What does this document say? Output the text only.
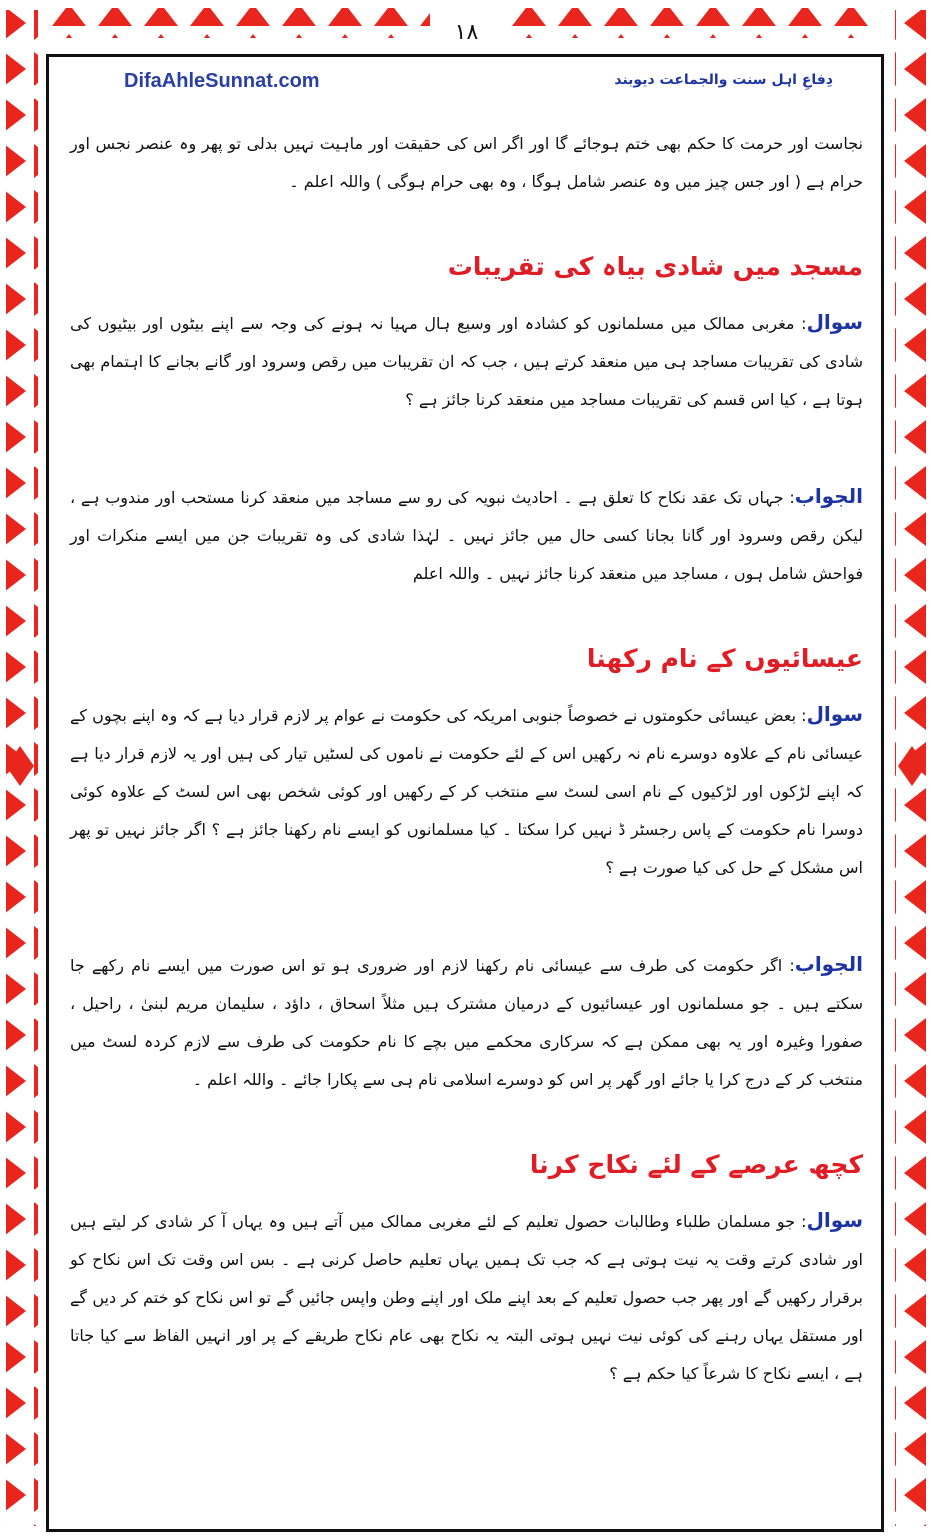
۱۸
DifaAhleSunnat.com	دِفاعِ اہل سنت والجماعت دیوبند

نجاست اور حرمت کا حکم بھی ختم ہوجائے گا اور اگر اس کی حقیقت اور ماہیت نہیں بدلی تو پھر وہ عنصر نجس اور حرام ہے ( اور جس چیز میں وہ عنصر شامل ہوگا ، وہ بھی حرام ہوگی ) واللہ اعلم ۔

مسجد میں شادی بیاہ کی تقریبات

سوال: مغربی ممالک میں مسلمانوں کو کشادہ اور وسیع ہال مہیا نہ ہونے کی وجہ سے اپنے بیٹوں اور بیٹیوں کی شادی کی تقریبات مساجد ہی میں منعقد کرتے ہیں ، جب کہ ان تقریبات میں رقص وسرود اور گانے بجانے کا اہتمام بھی ہوتا ہے ، کیا اس قسم کی تقریبات مساجد میں منعقد کرنا جائز ہے ؟

الجواب: جہاں تک عقد نکاح کا تعلق ہے ۔ احادیث نبویہ کی رو سے مساجد میں منعقد کرنا مستحب اور مندوب ہے ، لیکن رقص وسرود اور گانا بجانا کسی حال میں جائز نہیں ۔ لہٰذا شادی کی وہ تقریبات جن میں ایسے منکرات اور فواحش شامل ہوں ، مساجد میں منعقد کرنا جائز نہیں ۔ واللہ اعلم

عیسائیوں کے نام رکھنا

سوال: بعض عیسائی حکومتوں نے خصوصاً جنوبی امریکہ کی حکومت نے عوام پر لازم قرار دیا ہے کہ وہ اپنے بچوں کے عیسائی نام کے علاوہ دوسرے نام نہ رکھیں اس کے لئے حکومت نے ناموں کی لسٹیں تیار کی ہیں اور یہ لازم قرار دیا ہے کہ اپنے لڑکوں اور لڑکیوں کے نام اسی لسٹ سے منتخب کر کے رکھیں اور کوئی شخص بھی اس لسٹ کے علاوہ کوئی دوسرا نام حکومت کے پاس رجسٹر ڈ نہیں کرا سکتا ۔ کیا مسلمانوں کو ایسے نام رکھنا جائز ہے ؟ اگر جائز نہیں تو پھر اس مشکل کے حل کی کیا صورت ہے ؟

الجواب: اگر حکومت کی طرف سے عیسائی نام رکھنا لازم اور ضروری ہو تو اس صورت میں ایسے نام رکھے جا سکتے ہیں ۔ جو مسلمانوں اور عیسائیوں کے درمیان مشترک ہیں مثلاً اسحاق ، داؤد ، سلیمان مریم لبنیٰ ، راحیل ، صفورا وغیرہ اور یہ بھی ممکن ہے کہ سرکاری محکمے میں بچے کا نام حکومت کی طرف سے لازم کردہ لسٹ میں منتخب کر کے درج کرا یا جائے اور گھر پر اس کو دوسرے اسلامی نام ہی سے پکارا جائے ۔ واللہ اعلم ۔

کچھ عرصے کے لئے نکاح کرنا

سوال: جو مسلمان طلباء وطالبات حصول تعلیم کے لئے مغربی ممالک میں آتے ہیں وہ یہاں آ کر شادی کر لیتے ہیں اور شادی کرتے وقت یہ نیت ہوتی ہے کہ جب تک ہمیں یہاں تعلیم حاصل کرنی ہے ۔ بس اس وقت تک اس نکاح کو برقرار رکھیں گے اور پھر جب حصول تعلیم کے بعد اپنے ملک اور اپنے وطن واپس جائیں گے تو اس نکاح کو ختم کر دیں گے اور مستقل یہاں رہنے کی کوئی نیت نہیں ہوتی البتہ یہ نکاح بھی عام نکاح طریقے کے پر اور انہیں الفاظ سے کیا جاتا ہے ، ایسے نکاح کا شرعاً کیا حکم ہے ؟
